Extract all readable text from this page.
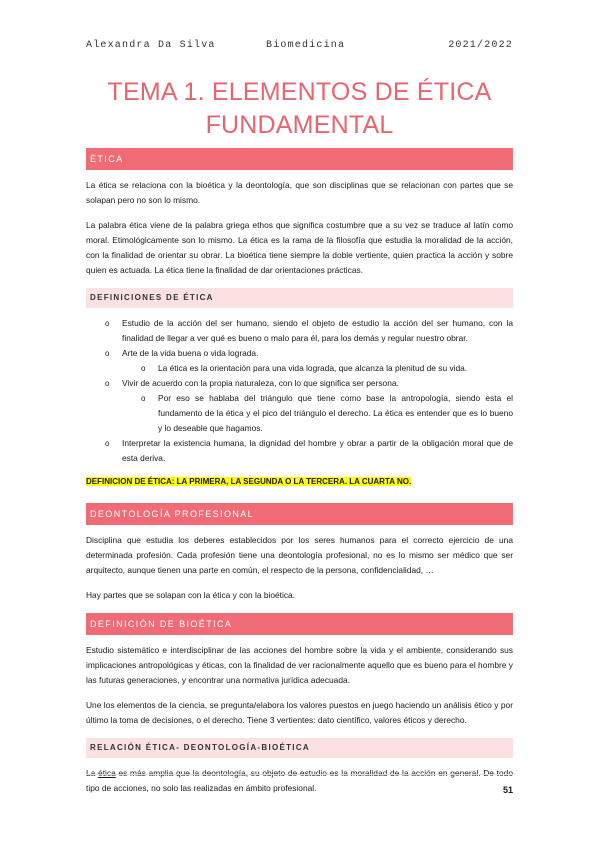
Alexandra Da Silva	Biomedicina	2021/2022
TEMA 1. ELEMENTOS DE ÉTICA
FUNDAMENTAL
ÉTICA

La ética se relaciona con la bioética y la deontología, que son disciplinas que se relacionan con partes que se solapan pero no son lo mismo.

La palabra ética viene de la palabra griega ethos que significa costumbre que a su vez se traduce al latín como moral. Etimológicamente son lo mismo. La ética es la rama de la filosofía que estudia la moralidad de la acción, con la finalidad de orientar su obrar. La bioética tiene siempre la doble vertiente, quien practica la acción y sobre quien es actuada. La ética tiene la finalidad de dar orientaciones prácticas.

DEFINICIONES DE ÉTICA
o Estudio de la acción del ser humano, siendo el objeto de estudio la acción del ser humano, con la finalidad de llegar a ver qué es bueno o malo para él, para los demás y regular nuestro obrar.
o Arte de la vida buena o vida lograda.
o La ética es la orientación para una vida lograda, que alcanza la plenitud de su vida.
o Vivir de acuerdo con la propia naturaleza, con lo que significa ser persona.
o Por eso se hablaba del triángulo que tiene como base la antropología, siendo esta el fundamento de la ética y el pico del triángulo el derecho. La ética es entender que es lo bueno y lo deseable que hagamos.
o Interpretar la existencia humana, la dignidad del hombre y obrar a partir de la obligación moral que de esta deriva.
DEFINICION DE ÉTICA: LA PRIMERA, LA SEGUNDA O LA TERCERA. LA CUARTA NO.
DEONTOLOGÍA PROFESIONAL

Disciplina que estudia los deberes establecidos por los seres humanos para el correcto ejercicio de una determinada profesión. Cada profesión tiene una deontología profesional, no es lo mismo ser médico que ser arquitecto, aunque tienen una parte en común, el respecto de la persona, confidencialidad, …

Hay partes que se solapan con la ética y con la bioética.

DEFINICIÓN DE BIOÉTICA

Estudio sistemático e interdisciplinar de las acciones del hombre sobre la vida y el ambiente, considerando sus implicaciones antropológicas y éticas, con la finalidad de ver racionalmente aquello que es bueno para el hombre y las futuras generaciones, y encontrar una normativa jurídica adecuada.

Une los elementos de la ciencia, se pregunta/elabora los valores puestos en juego haciendo un análisis ético y por último la toma de decisiones, o el derecho. Tiene 3 vertientes: dato científico, valores éticos y derecho.

RELACIÓN ÉTICA- DEONTOLOGÍA-BIOÉTICA

La ética es más amplia que la deontología, su objeto de estudio es la moralidad de la acción en general. De todo tipo de acciones, no solo las realizadas en ámbito profesional.	51
